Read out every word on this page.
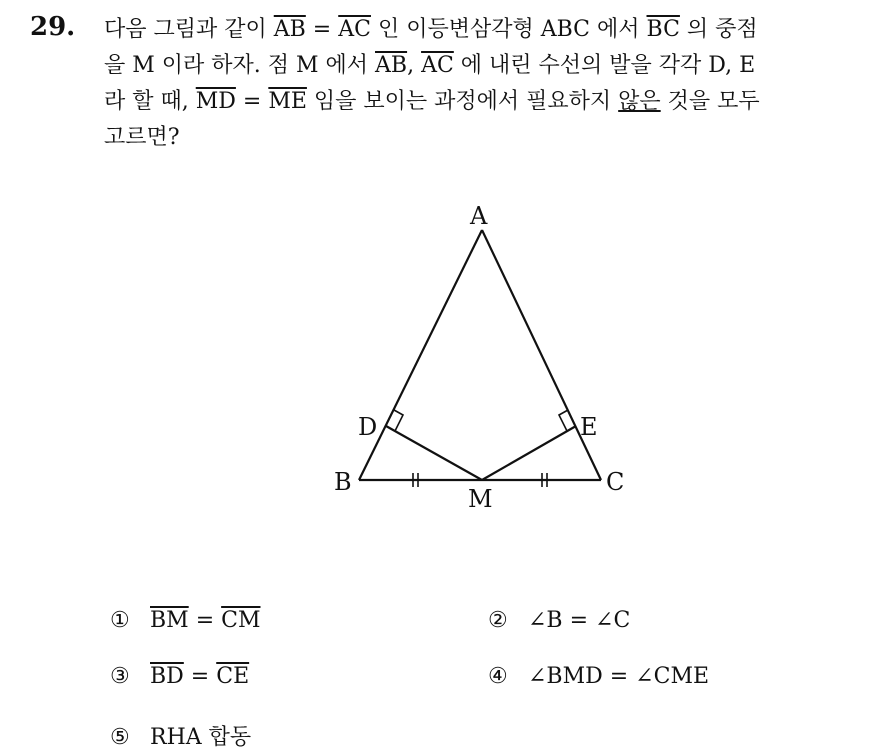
29. 다음 그림과 같이 $\overline{AB} = \overline{AC}$ 인 이등변삼각형 ABC 에서 $\overline{BC}$ 의 중점
을 M 이라 하자. 점 M 에서 $\overline{AB}$, $\overline{AC}$ 에 내린 수선의 발을 각각 D, E
라 할 때, $\overline{MD} = \overline{ME}$ 임을 보이는 과정에서 필요하지 않은 것을 모두
고르면?
A
B	C
D	E
M
① $\overline{BM} = \overline{CM}$	② ∠B = ∠C
③ $\overline{BD} = \overline{CE}$	④ ∠BMD = ∠CME
⑤ RHA 합동
